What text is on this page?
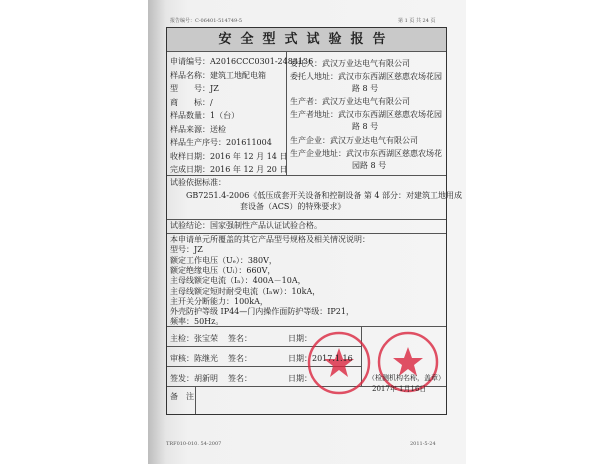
报告编号：C-06401-514749-5	第 1 页 共 24 页
安全型式试验报告
申请编号：A2016CCC0301-2483136
样品名称：建筑工地配电箱
型　　号：JZ
商　　标：/
样品数量：1（台）
样品来源：送检
样品生产序号：201611004
收样日期：2016 年 12 月 14 日
完成日期：2016 年 12 月 20 日
委托人：武汉万业达电气有限公司
委托人地址：武汉市东西湖区慈惠农场花园
路 8 号
生产者：武汉万业达电气有限公司
生产者地址：武汉市东西湖区慈惠农场花园
路 8 号
生产企业：武汉万业达电气有限公司
生产企业地址：武汉市东西湖区慈惠农场花
园路 8 号
试验依据标准：
GB7251.4-2006《低压成套开关设备和控制设备 第 4 部分：对建筑工地用成
套设备（ACS）的特殊要求》
试验结论：国家强制性产品认证试验合格。
本申请单元所覆盖的其它产品型号规格及相关情况说明：
型号：JZ
额定工作电压（Uₑ）：380V，
额定绝缘电压（Uᵢ）：660V，
主母线额定电流（Iₙ）：400A－10A，
主母线额定短时耐受电流（Iₙw）：10kA，
主开关分断能力：100kA，
外壳防护等级 IP44—门内操作面防护等级：IP21，
频率：50Hz。
主检：张宝荣 签名：	日期：
审核：陈继光 签名：	日期：2017.1.16
签发：胡新明 签名：	日期：	（检测机构名称，盖章）
2017年 1月16日
备　注
TRF010-010. 54-2007	2011-5-24
